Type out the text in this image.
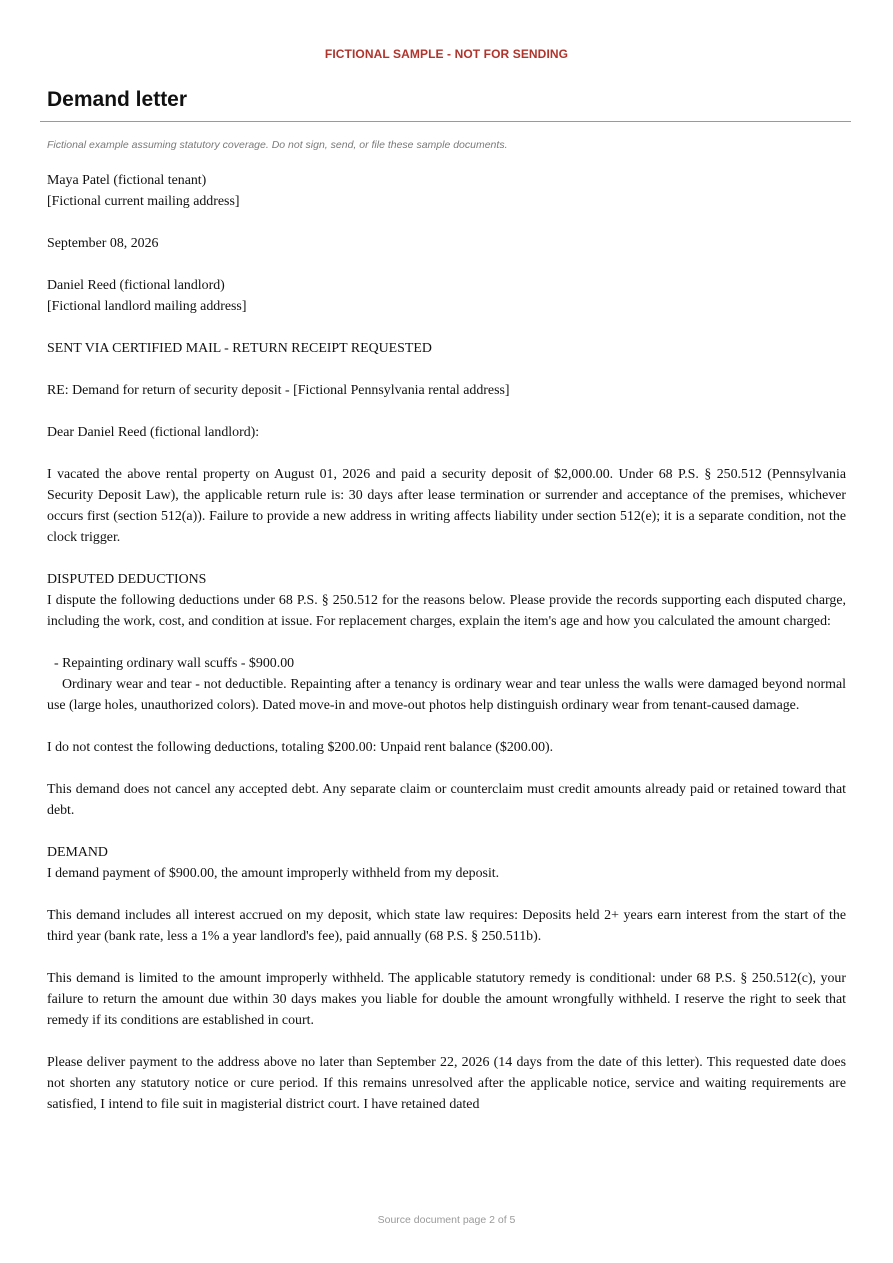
FICTIONAL SAMPLE - NOT FOR SENDING
Demand letter
Fictional example assuming statutory coverage. Do not sign, send, or file these sample documents.

Maya Patel (fictional tenant)
[Fictional current mailing address]

September 08, 2026

Daniel Reed (fictional landlord)
[Fictional landlord mailing address]

SENT VIA CERTIFIED MAIL - RETURN RECEIPT REQUESTED

RE: Demand for return of security deposit - [Fictional Pennsylvania rental address]

Dear Daniel Reed (fictional landlord):

I vacated the above rental property on August 01, 2026 and paid a security deposit of $2,000.00. Under 68 P.S. § 250.512 (Pennsylvania Security Deposit Law), the applicable return rule is: 30 days after lease termination or surrender and acceptance of the premises, whichever occurs first (section 512(a)). Failure to provide a new address in writing affects liability under section 512(e); it is a separate condition, not the clock trigger.

DISPUTED DEDUCTIONS
I dispute the following deductions under 68 P.S. § 250.512 for the reasons below. Please provide the records supporting each disputed charge, including the work, cost, and condition at issue. For replacement charges, explain the item's age and how you calculated the amount charged:

- Repainting ordinary wall scuffs - $900.00
Ordinary wear and tear - not deductible. Repainting after a tenancy is ordinary wear and tear unless the walls were damaged beyond normal use (large holes, unauthorized colors). Dated move-in and move-out photos help distinguish ordinary wear from tenant-caused damage.

I do not contest the following deductions, totaling $200.00: Unpaid rent balance ($200.00).

This demand does not cancel any accepted debt. Any separate claim or counterclaim must credit amounts already paid or retained toward that debt.

DEMAND
I demand payment of $900.00, the amount improperly withheld from my deposit.

This demand includes all interest accrued on my deposit, which state law requires: Deposits held 2+ years earn interest from the start of the third year (bank rate, less a 1% a year landlord's fee), paid annually (68 P.S. § 250.511b).

This demand is limited to the amount improperly withheld. The applicable statutory remedy is conditional: under 68 P.S. § 250.512(c), your failure to return the amount due within 30 days makes you liable for double the amount wrongfully withheld. I reserve the right to seek that remedy if its conditions are established in court.

Please deliver payment to the address above no later than September 22, 2026 (14 days from the date of this letter). This requested date does not shorten any statutory notice or cure period. If this remains unresolved after the applicable notice, service and waiting requirements are satisfied, I intend to file suit in magisterial district court. I have retained dated

Source document page 2 of 5
